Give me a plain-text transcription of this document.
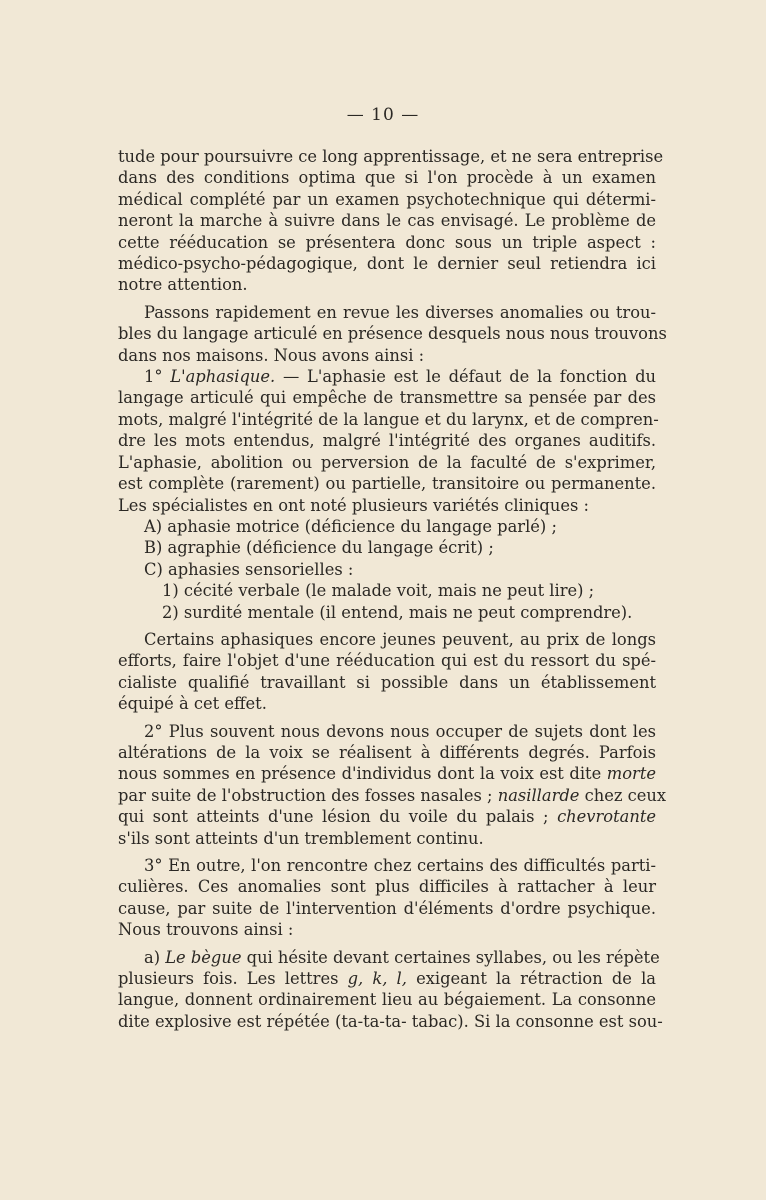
— 10 —
tude pour poursuivre ce long apprentissage, et ne sera entreprise
dans des conditions optima que si l'on procède à un examen
médical complété par un examen psychotechnique qui détermi-
neront la marche à suivre dans le cas envisagé. Le problème de
cette rééducation se présentera donc sous un triple aspect :
médico-psycho-pédagogique, dont le dernier seul retiendra ici
notre attention.
Passons rapidement en revue les diverses anomalies ou trou-
bles du langage articulé en présence desquels nous nous trouvons
dans nos maisons. Nous avons ainsi :
1° L'aphasique. — L'aphasie est le défaut de la fonction du
langage articulé qui empêche de transmettre sa pensée par des
mots, malgré l'intégrité de la langue et du larynx, et de compren-
dre les mots entendus, malgré l'intégrité des organes auditifs.
L'aphasie, abolition ou perversion de la faculté de s'exprimer,
est complète (rarement) ou partielle, transitoire ou permanente.
Les spécialistes en ont noté plusieurs variétés cliniques :
A) aphasie motrice (déficience du langage parlé) ;
B) agraphie (déficience du langage écrit) ;
C) aphasies sensorielles :
1) cécité verbale (le malade voit, mais ne peut lire) ;
2) surdité mentale (il entend, mais ne peut comprendre).
Certains aphasiques encore jeunes peuvent, au prix de longs
efforts, faire l'objet d'une rééducation qui est du ressort du spé-
cialiste qualifié travaillant si possible dans un établissement
équipé à cet effet.
2° Plus souvent nous devons nous occuper de sujets dont les
altérations de la voix se réalisent à différents degrés. Parfois
nous sommes en présence d'individus dont la voix est dite morte
par suite de l'obstruction des fosses nasales ; nasillarde chez ceux
qui sont atteints d'une lésion du voile du palais ; chevrotante
s'ils sont atteints d'un tremblement continu.
3° En outre, l'on rencontre chez certains des difficultés parti-
culières. Ces anomalies sont plus difficiles à rattacher à leur
cause, par suite de l'intervention d'éléments d'ordre psychique.
Nous trouvons ainsi :
a) Le bègue qui hésite devant certaines syllabes, ou les répète
plusieurs fois. Les lettres g, k, l, exigeant la rétraction de la
langue, donnent ordinairement lieu au bégaiement. La consonne
dite explosive est répétée (ta-ta-ta- tabac). Si la consonne est sou-
